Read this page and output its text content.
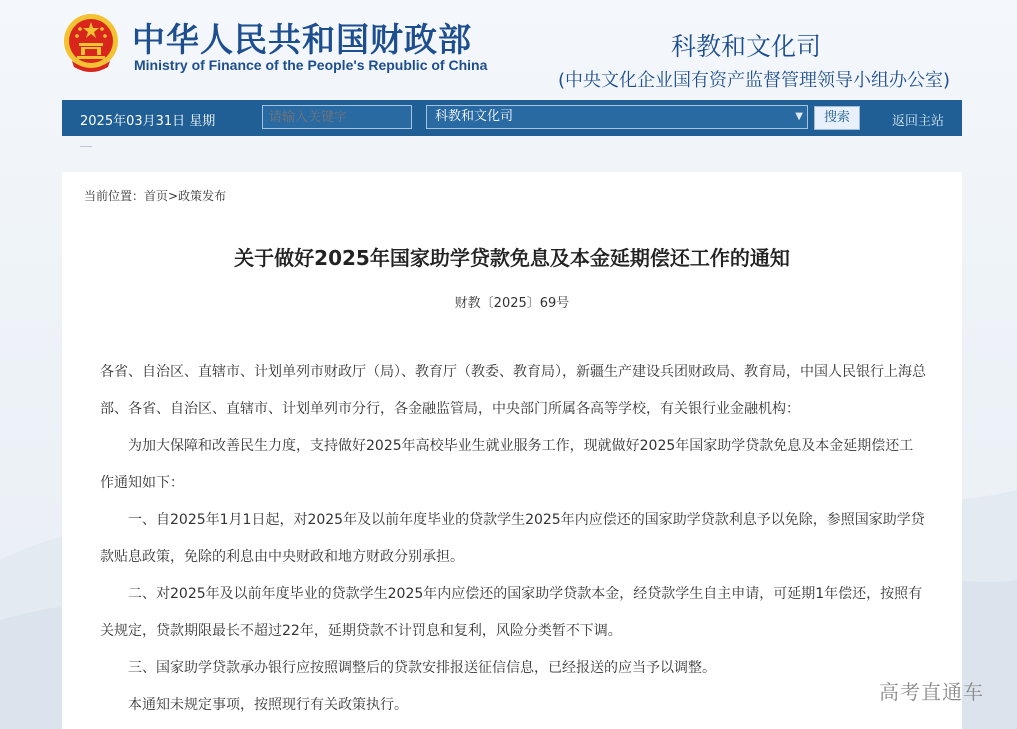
中华人民共和国财政部
Ministry of Finance of the People's Republic of China
科教和文化司
(中央文化企业国有资产监督管理领导小组办公室)
2025年03月31日 星期
请输入关键字	科教和文化司	▼	搜索	返回主站
当前位置：首页>政策发布
关于做好2025年国家助学贷款免息及本金延期偿还工作的通知
财教〔2025〕69号

各省、自治区、直辖市、计划单列市财政厅（局）、教育厅（教委、教育局），新疆生产建设兵团财政局、教育局，中国人民银行上海总部、各省、自治区、直辖市、计划单列市分行，各金融监管局，中央部门所属各高等学校，有关银行业金融机构：

为加大保障和改善民生力度，支持做好2025年高校毕业生就业服务工作，现就做好2025年国家助学贷款免息及本金延期偿还工作通知如下：

一、自2025年1月1日起，对2025年及以前年度毕业的贷款学生2025年内应偿还的国家助学贷款利息予以免除，参照国家助学贷款贴息政策，免除的利息由中央财政和地方财政分别承担。

二、对2025年及以前年度毕业的贷款学生2025年内应偿还的国家助学贷款本金，经贷款学生自主申请，可延期1年偿还，按照有关规定，贷款期限最长不超过22年，延期贷款不计罚息和复利，风险分类暂不下调。

三、国家助学贷款承办银行应按照调整后的贷款安排报送征信信息，已经报送的应当予以调整。

本通知未规定事项，按照现行有关政策执行。

高考直通车
